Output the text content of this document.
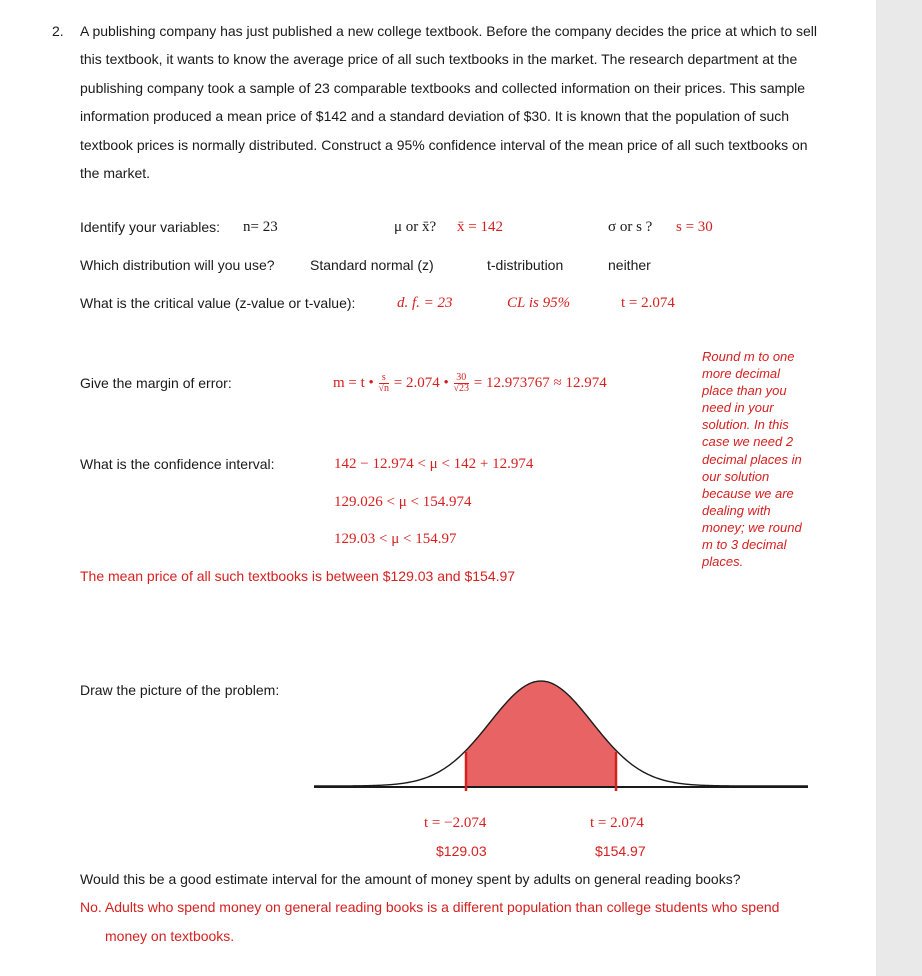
2. A publishing company has just published a new college textbook. Before the company decides the price at which to sell this textbook, it wants to know the average price of all such textbooks in the market. The research department at the publishing company took a sample of 23 comparable textbooks and collected information on their prices. This sample information produced a mean price of $142 and a standard deviation of $30. It is known that the population of such textbook prices is normally distributed. Construct a 95% confidence interval of the mean price of all such textbooks on the market.
Identify your variables: n= 23	μ or x̄? x̄ = 142	σ or s ? s = 30
Which distribution will you use?	Standard normal (z)	t-distribution	neither
What is the critical value (z-value or t-value):	d. f. = 23	CL is 95%	t = 2.074
Give the margin of error:	m = t • $\frac{s}{√n} = 2.074$ • $\frac{30}{√23} = 12.973767 \approx 12.974$
Round m to one more decimal place than you need in your solution. In this case we need 2 decimal places in our solution because we are dealing with money; we round m to 3 decimal places.
What is the confidence interval:	142 − 12.974 < μ < 142 + 12.974
129.026 < μ < 154.974
129.03 < μ < 154.97
The mean price of all such textbooks is between $129.03 and $154.97
Draw the picture of the problem:
t = −2.074	t = 2.074
$129.03	$154.97
Would this be a good estimate interval for the amount of money spent by adults on general reading books?
No. Adults who spend money on general reading books is a different population than college students who spend
money on textbooks.
